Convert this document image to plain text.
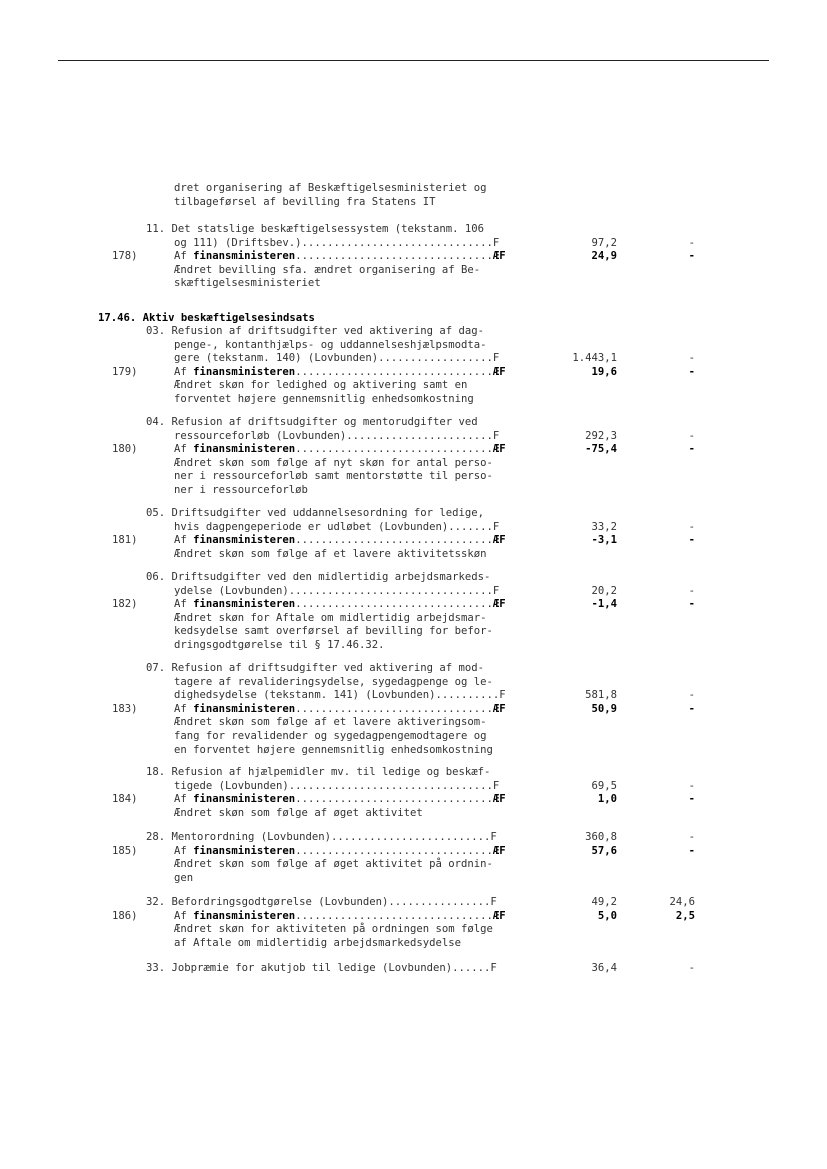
dret organisering af Beskæftigelsesministeriet og
tilbageførsel af bevilling fra Statens IT
11. Det statslige beskæftigelsessystem (tekstanm. 106
og 111) (Driftsbev.)..............................F	97,2	-
178)	Af finansministeren...............................ÆF	24,9	-
Ændret bevilling sfa. ændret organisering af Be-
skæftigelsesministeriet
17.46. Aktiv beskæftigelsesindsats
03. Refusion af driftsudgifter ved aktivering af dag-
penge-, kontanthjælps- og uddannelseshjælpsmodta-
gere (tekstanm. 140) (Lovbunden)..................F	1.443,1	-
179)	Af finansministeren...............................ÆF	19,6	-
Ændret skøn for ledighed og aktivering samt en
forventet højere gennemsnitlig enhedsomkostning
04. Refusion af driftsudgifter og mentorudgifter ved
ressourceforløb (Lovbunden).......................F	292,3	-
180)	Af finansministeren...............................ÆF	-75,4	-
Ændret skøn som følge af nyt skøn for antal perso-
ner i ressourceforløb samt mentorstøtte til perso-
ner i ressourceforløb
05. Driftsudgifter ved uddannelsesordning for ledige,
hvis dagpengeperiode er udløbet (Lovbunden).......F	33,2	-
181)	Af finansministeren...............................ÆF	-3,1	-
Ændret skøn som følge af et lavere aktivitetsskøn
06. Driftsudgifter ved den midlertidig arbejdsmarkeds-
ydelse (Lovbunden)................................F	20,2	-
182)	Af finansministeren...............................ÆF	-1,4	-
Ændret skøn for Aftale om midlertidig arbejdsmar-
kedsydelse samt overførsel af bevilling for befor-
dringsgodtgørelse til § 17.46.32.
07. Refusion af driftsudgifter ved aktivering af mod-
tagere af revalideringsydelse, sygedagpenge og le-
dighedsydelse (tekstanm. 141) (Lovbunden)..........F	581,8	-
183)	Af finansministeren...............................ÆF	50,9	-
Ændret skøn som følge af et lavere aktiveringsom-
fang for revalidender og sygedagpengemodtagere og
en forventet højere gennemsnitlig enhedsomkostning
18. Refusion af hjælpemidler mv. til ledige og beskæf-
tigede (Lovbunden)................................F	69,5	-
184)	Af finansministeren...............................ÆF	1,0	-
Ændret skøn som følge af øget aktivitet
28. Mentorordning (Lovbunden).........................F	360,8	-
185)	Af finansministeren...............................ÆF	57,6	-
Ændret skøn som følge af øget aktivitet på ordnin-
gen
32. Befordringsgodtgørelse (Lovbunden)................F	49,2	24,6
186)	Af finansministeren...............................ÆF	5,0	2,5
Ændret skøn for aktiviteten på ordningen som følge
af Aftale om midlertidig arbejdsmarkedsydelse
33. Jobpræmie for akutjob til ledige (Lovbunden)......F	36,4	-
